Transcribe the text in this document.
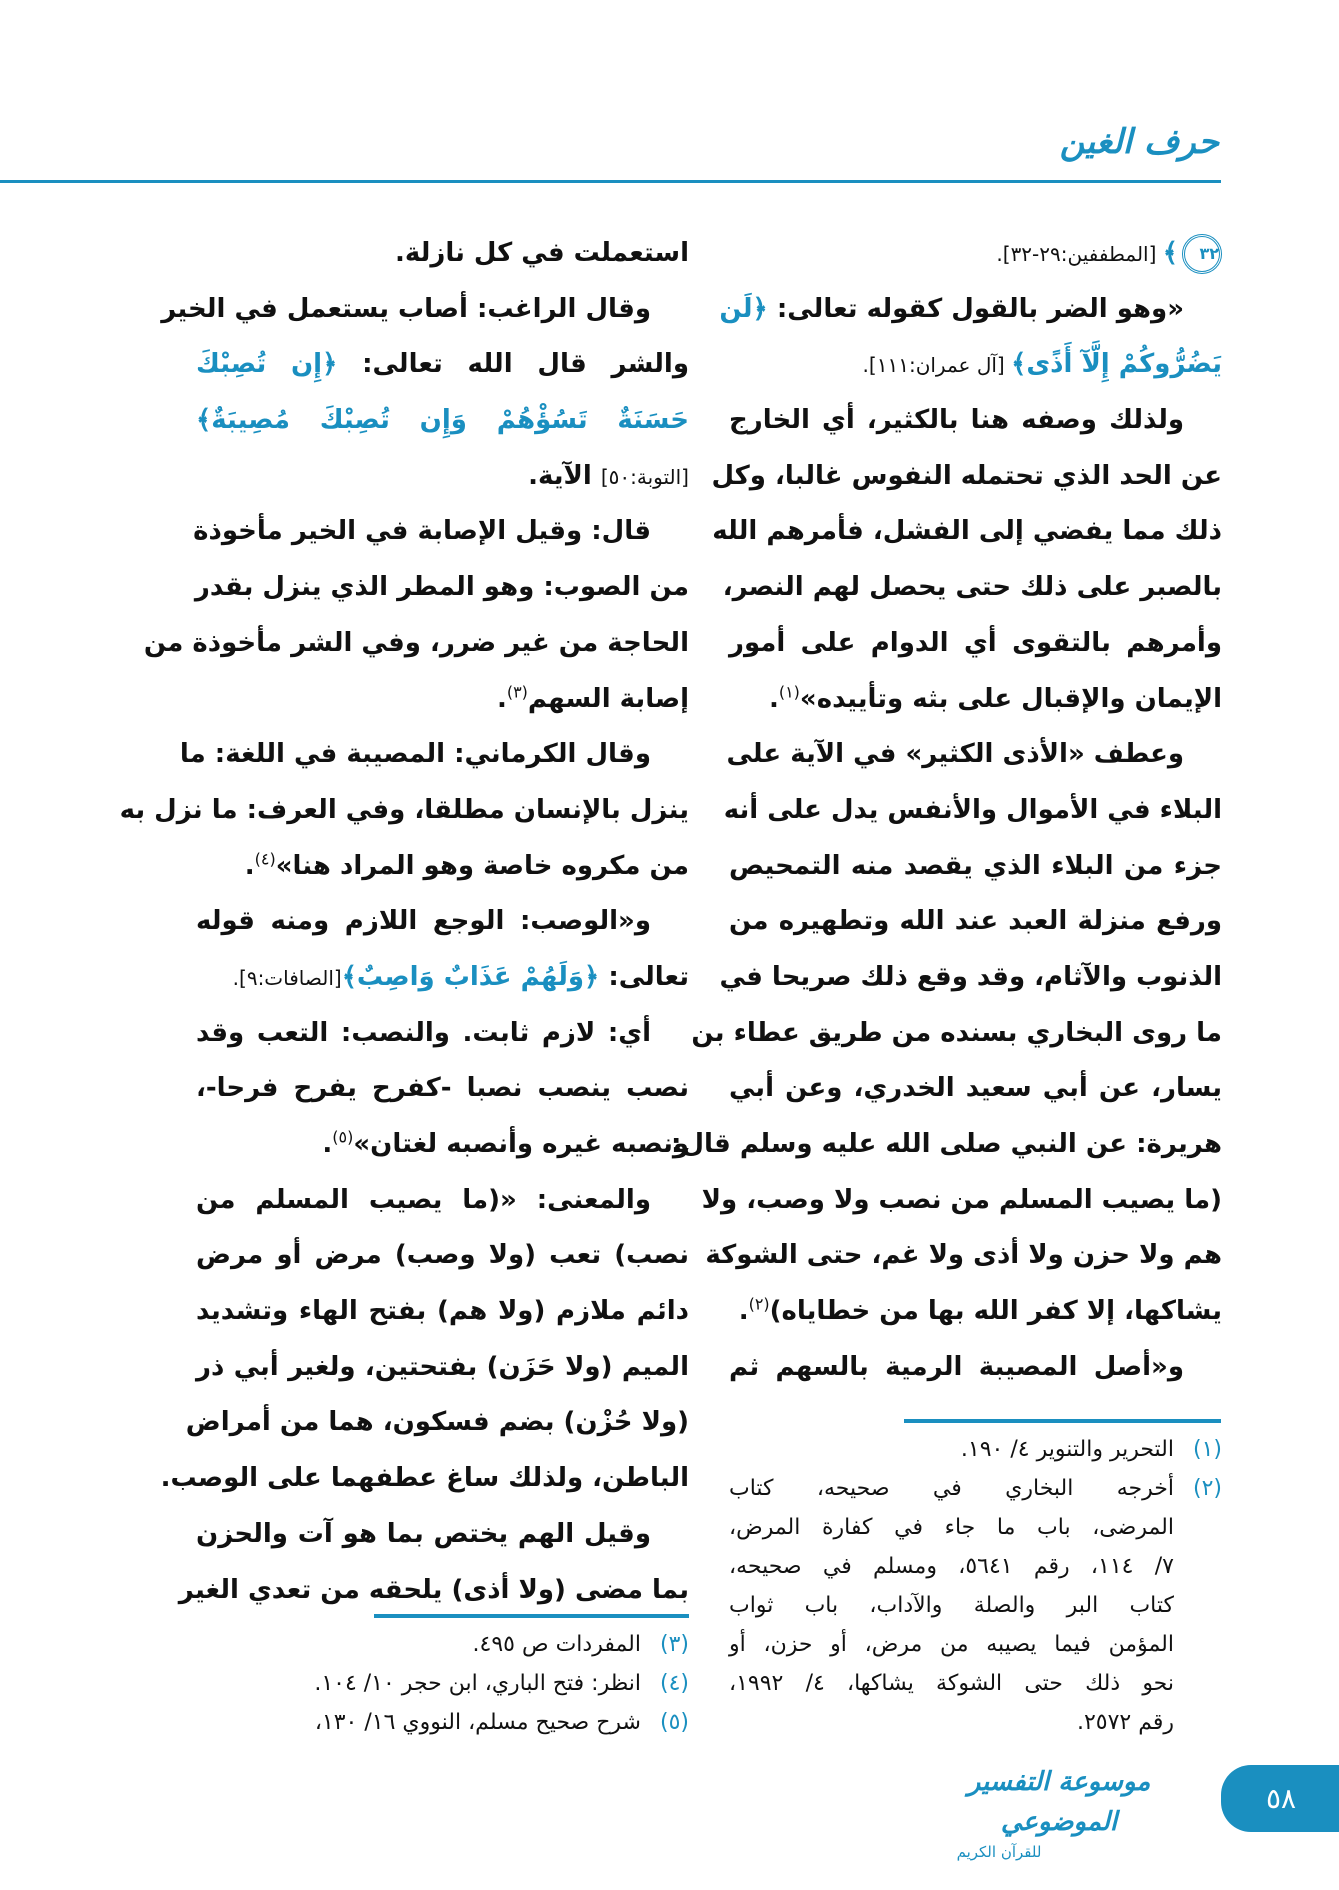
حرف الغين
٣٢﴾ [المطففين:٢٩-٣٢].
«وهو الضر بالقول كقوله تعالى: ﴿لَن
يَضُرُّوكُمْ إِلَّآ أَذًى﴾ [آل عمران:١١١].
ولذلك وصفه هنا بالكثير، أي الخارج
عن الحد الذي تحتمله النفوس غالبا، وكل
ذلك مما يفضي إلى الفشل، فأمرهم الله
بالصبر على ذلك حتى يحصل لهم النصر،
وأمرهم بالتقوى أي الدوام على أمور
الإيمان والإقبال على بثه وتأييده»$^{(١)}$.
وعطف «الأذى الكثير» في الآية على
البلاء في الأموال والأنفس يدل على أنه
جزء من البلاء الذي يقصد منه التمحيص
ورفع منزلة العبد عند الله وتطهيره من
الذنوب والآثام، وقد وقع ذلك صريحا في
ما روى البخاري بسنده من طريق عطاء بن
يسار، عن أبي سعيد الخدري، وعن أبي
هريرة: عن النبي صلى الله عليه وسلم قال:
(ما يصيب المسلم من نصب ولا وصب، ولا
هم ولا حزن ولا أذى ولا غم، حتى الشوكة
يشاكها، إلا كفر الله بها من خطاياه)$^{(٢)}$.
و«أصل المصيبة الرمية بالسهم ثم
استعملت في كل نازلة.
وقال الراغب: أصاب يستعمل في الخير
والشر قال الله تعالى: ﴿إِن تُصِبْكَ
حَسَنَةٌ تَسُؤْهُمْ وَإِن تُصِبْكَ مُصِيبَةٌ﴾
[التوبة:٥٠] الآية.
قال: وقيل الإصابة في الخير مأخوذة
من الصوب: وهو المطر الذي ينزل بقدر
الحاجة من غير ضرر، وفي الشر مأخوذة من
إصابة السهم$^{(٣)}$.
وقال الكرماني: المصيبة في اللغة: ما
ينزل بالإنسان مطلقا، وفي العرف: ما نزل به
من مكروه خاصة وهو المراد هنا»$^{(٤)}$.
و«الوصب: الوجع اللازم ومنه قوله
تعالى: ﴿وَلَهُمْ عَذَابٌ وَاصِبٌ﴾[الصافات:٩].
أي: لازم ثابت. والنصب: التعب وقد
نصب ينصب نصبا -كفرح يفرح فرحا-،
ونصبه غيره وأنصبه لغتان»$^{(٥)}$.
والمعنى: «(ما يصيب المسلم من
نصب) تعب (ولا وصب) مرض أو مرض
دائم ملازم (ولا هم) بفتح الهاء وتشديد
الميم (ولا حَزَن) بفتحتين، ولغير أبي ذر
(ولا حُزْن) بضم فسكون، هما من أمراض
الباطن، ولذلك ساغ عطفهما على الوصب.
وقيل الهم يختص بما هو آت والحزن
بما مضى (ولا أذى) يلحقه من تعدي الغير
(١)
التحرير والتنوير ٤/ ١٩٠.
(٢)
أخرجه البخاري في صحيحه، كتاب
المرضى، باب ما جاء في كفارة المرض،
٧/ ١١٤، رقم ٥٦٤١، ومسلم في صحيحه،
كتاب البر والصلة والآداب، باب ثواب
المؤمن فيما يصيبه من مرض، أو حزن، أو
نحو ذلك حتى الشوكة يشاكها، ٤/ ١٩٩٢،
رقم ٢٥٧٢.
(٣)
المفردات ص ٤٩٥.
(٤)
انظر: فتح الباري، ابن حجر ١٠/ ١٠٤.
(٥)
شرح صحيح مسلم، النووي ١٦/ ١٣٠،
موسوعة التفسير الموضوعي
للقرآن الكريم
٥٨
